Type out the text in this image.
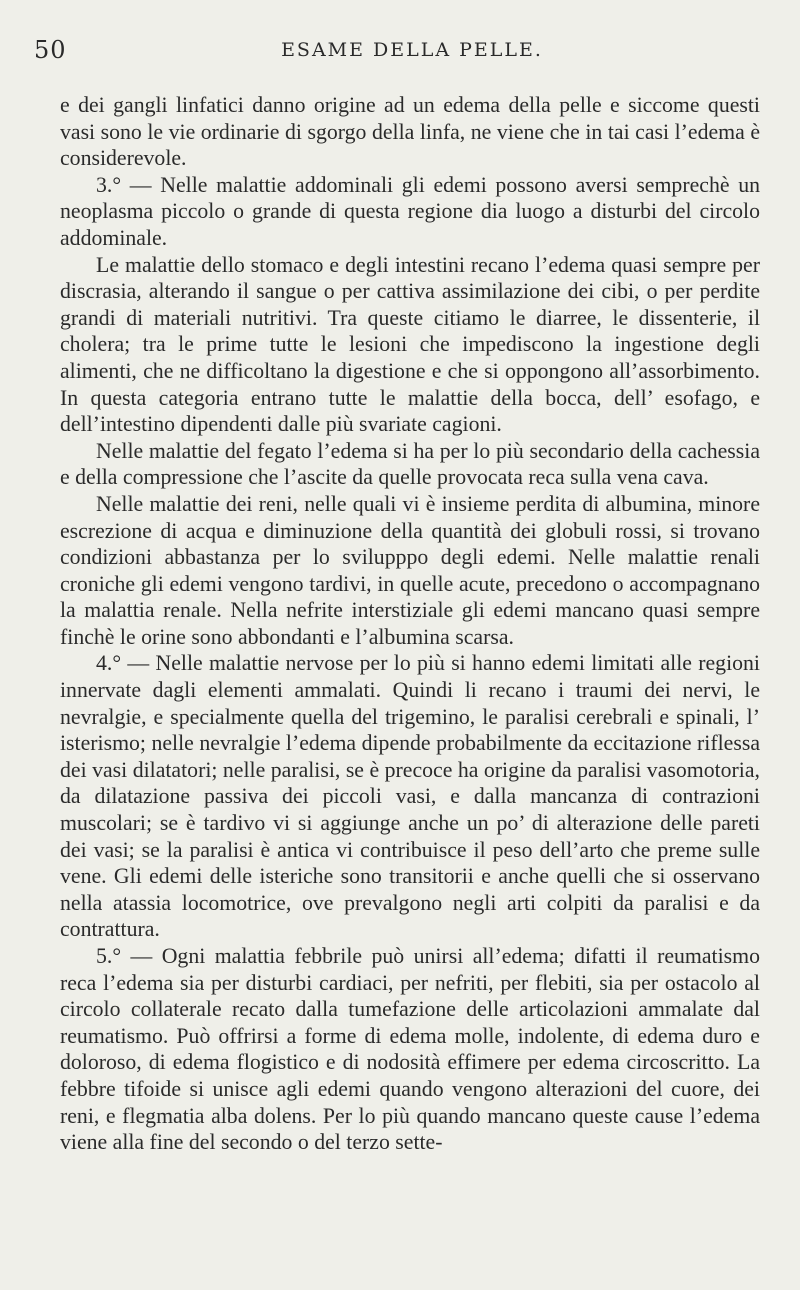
50	ESAME DELLA PELLE.

e dei gangli linfatici danno origine ad un edema della pelle e siccome questi vasi sono le vie ordinarie di sgorgo della linfa, ne viene che in tai casi l’edema è considerevole.

3.° — Nelle malattie addominali gli edemi possono aversi semprechè un neoplasma piccolo o grande di questa regione dia luogo a disturbi del circolo addominale.

Le malattie dello stomaco e degli intestini recano l’edema quasi sempre per discrasia, alterando il sangue o per cattiva assimilazione dei cibi, o per perdite grandi di materiali nutritivi. Tra queste citiamo le diarree, le dissenterie, il cholera; tra le prime tutte le lesioni che impediscono la ingestione degli alimenti, che ne difficoltano la digestione e che si oppongono all’assorbimento. In questa categoria entrano tutte le malattie della bocca, dell’ esofago, e dell’intestino dipendenti dalle più svariate cagioni.

Nelle malattie del fegato l’edema si ha per lo più secondario della cachessia e della compressione che l’ascite da quelle provocata reca sulla vena cava.

Nelle malattie dei reni, nelle quali vi è insieme perdita di albumina, minore escrezione di acqua e diminuzione della quantità dei globuli rossi, si trovano condizioni abbastanza per lo svilupppo degli edemi. Nelle malattie renali croniche gli edemi vengono tardivi, in quelle acute, precedono o accompagnano la malattia renale. Nella nefrite interstiziale gli edemi mancano quasi sempre finchè le orine sono abbondanti e l’albumina scarsa.

4.° — Nelle malattie nervose per lo più si hanno edemi limitati alle regioni innervate dagli elementi ammalati. Quindi li recano i traumi dei nervi, le nevralgie, e specialmente quella del trigemino, le paralisi cerebrali e spinali, l’ isterismo; nelle nevralgie l’edema dipende probabilmente da eccitazione riflessa dei vasi dilatatori; nelle paralisi, se è precoce ha origine da paralisi vasomotoria, da dilatazione passiva dei piccoli vasi, e dalla mancanza di contrazioni muscolari; se è tardivo vi si aggiunge anche un po’ di alterazione delle pareti dei vasi; se la paralisi è antica vi contribuisce il peso dell’arto che preme sulle vene. Gli edemi delle isteriche sono transitorii e anche quelli che si osservano nella atassia locomotrice, ove prevalgono negli arti colpiti da paralisi e da contrattura.

5.° — Ogni malattia febbrile può unirsi all’edema; difatti il reumatismo reca l’edema sia per disturbi cardiaci, per nefriti, per flebiti, sia per ostacolo al circolo collaterale recato dalla tumefazione delle articolazioni ammalate dal reumatismo. Può offrirsi a forme di edema molle, indolente, di edema duro e doloroso, di edema flogistico e di nodosità effimere per edema circoscritto. La febbre tifoide si unisce agli edemi quando vengono alterazioni del cuore, dei reni, e flegmatia alba dolens. Per lo più quando mancano queste cause l’edema viene alla fine del secondo o del terzo sette-
